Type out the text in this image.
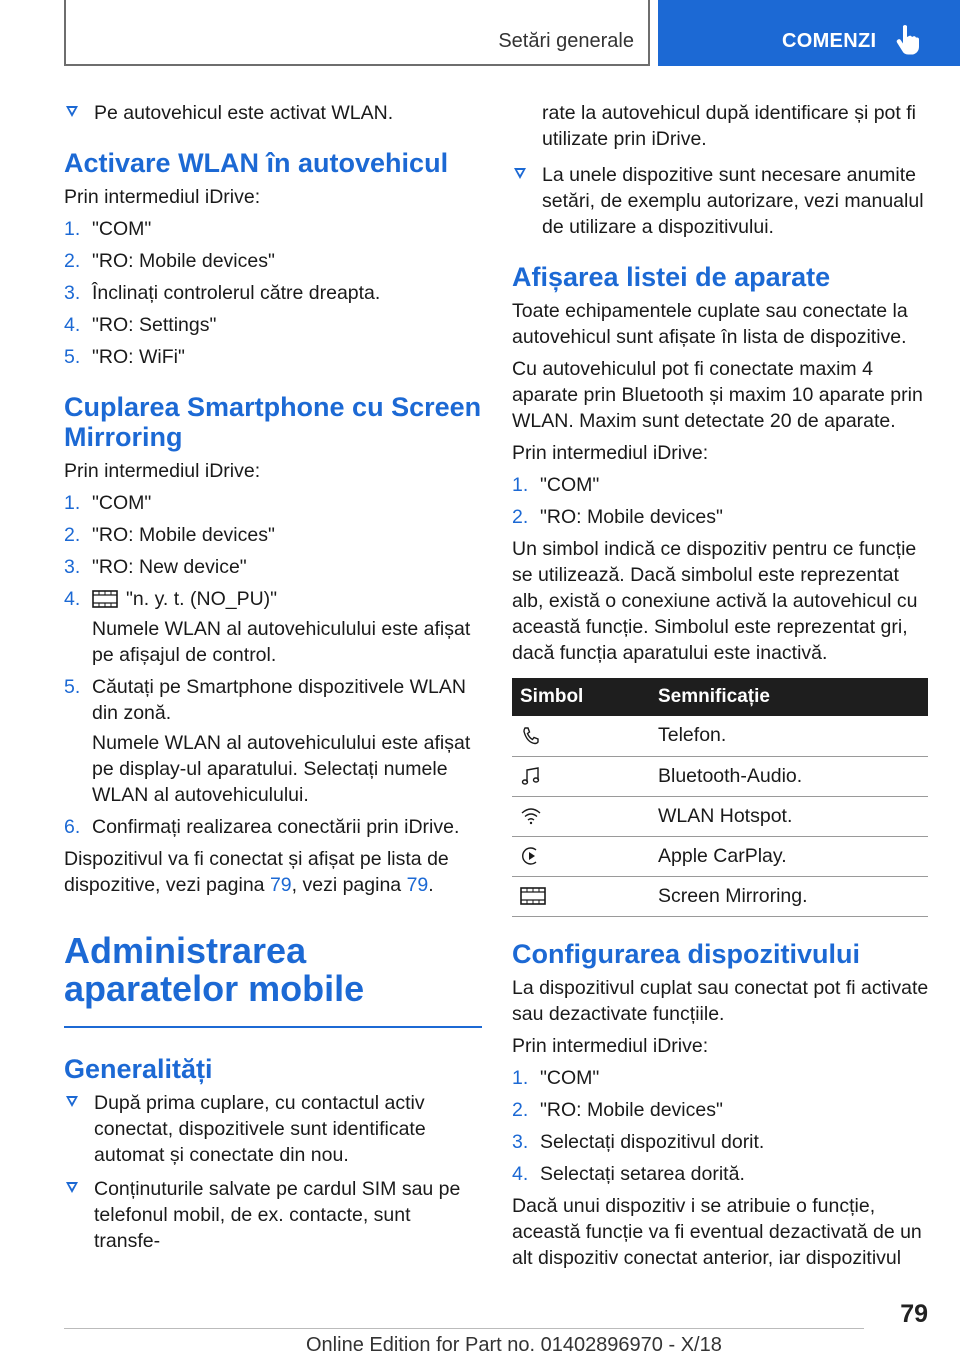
Setări generale	COMENZI
Pe autovehicul este activat WLAN.
Activare WLAN în autovehicul
Prin intermediul iDrive:
1. "COM"
2. "RO: Mobile devices"
3. Înclinați controlerul către dreapta.
4. "RO: Settings"
5. "RO: WiFi"
Cuplarea Smartphone cu Screen Mirroring
Prin intermediul iDrive:
1. "COM"
2. "RO: Mobile devices"
3. "RO: New device"
4. "n. y. t. (NO_PU)"
Numele WLAN al autovehiculului este afișat pe afișajul de control.
5. Căutați pe Smartphone dispozitivele WLAN din zonă.
Numele WLAN al autovehiculului este afișat pe display-ul aparatului. Selectați numele WLAN al autovehiculului.
6. Confirmați realizarea conectării prin iDrive.
Dispozitivul va fi conectat și afișat pe lista de dispozitive, vezi pagina 79, vezi pagina 79.
Administrarea aparatelor mobile
Generalități
După prima cuplare, cu contactul activ conectat, dispozitivele sunt identificate automat și conectate din nou.
Conținuturile salvate pe cardul SIM sau pe telefonul mobil, de ex. contacte, sunt transfe-
rate la autovehicul după identificare și pot fi utilizate prin iDrive.
La unele dispozitive sunt necesare anumite setări, de exemplu autorizare, vezi manualul de utilizare a dispozitivului.
Afișarea listei de aparate
Toate echipamentele cuplate sau conectate la autovehicul sunt afișate în lista de dispozitive.
Cu autovehiculul pot fi conectate maxim 4 aparate prin Bluetooth și maxim 10 aparate prin WLAN. Maxim sunt detectate 20 de aparate.
Prin intermediul iDrive:
1. "COM"
2. "RO: Mobile devices"
Un simbol indică ce dispozitiv pentru ce funcție se utilizează. Dacă simbolul este reprezentat alb, există o conexiune activă la autovehicul cu această funcție. Simbolul este reprezentat gri, dacă funcția aparatului este inactivă.
Simbol	Semnificație

	Telefon.

	Bluetooth-Audio.

	WLAN Hotspot.

	Apple CarPlay.

	Screen Mirroring.
Configurarea dispozitivului
La dispozitivul cuplat sau conectat pot fi activate sau dezactivate funcțiile.
Prin intermediul iDrive:
1. "COM"
2. "RO: Mobile devices"
3. Selectați dispozitivul dorit.
4. Selectați setarea dorită.
Dacă unui dispozitiv i se atribuie o funcție, această funcție va fi eventual dezactivată de un alt dispozitiv conectat anterior, iar dispozitivul
79
Online Edition for Part no. 01402896970 - X/18
